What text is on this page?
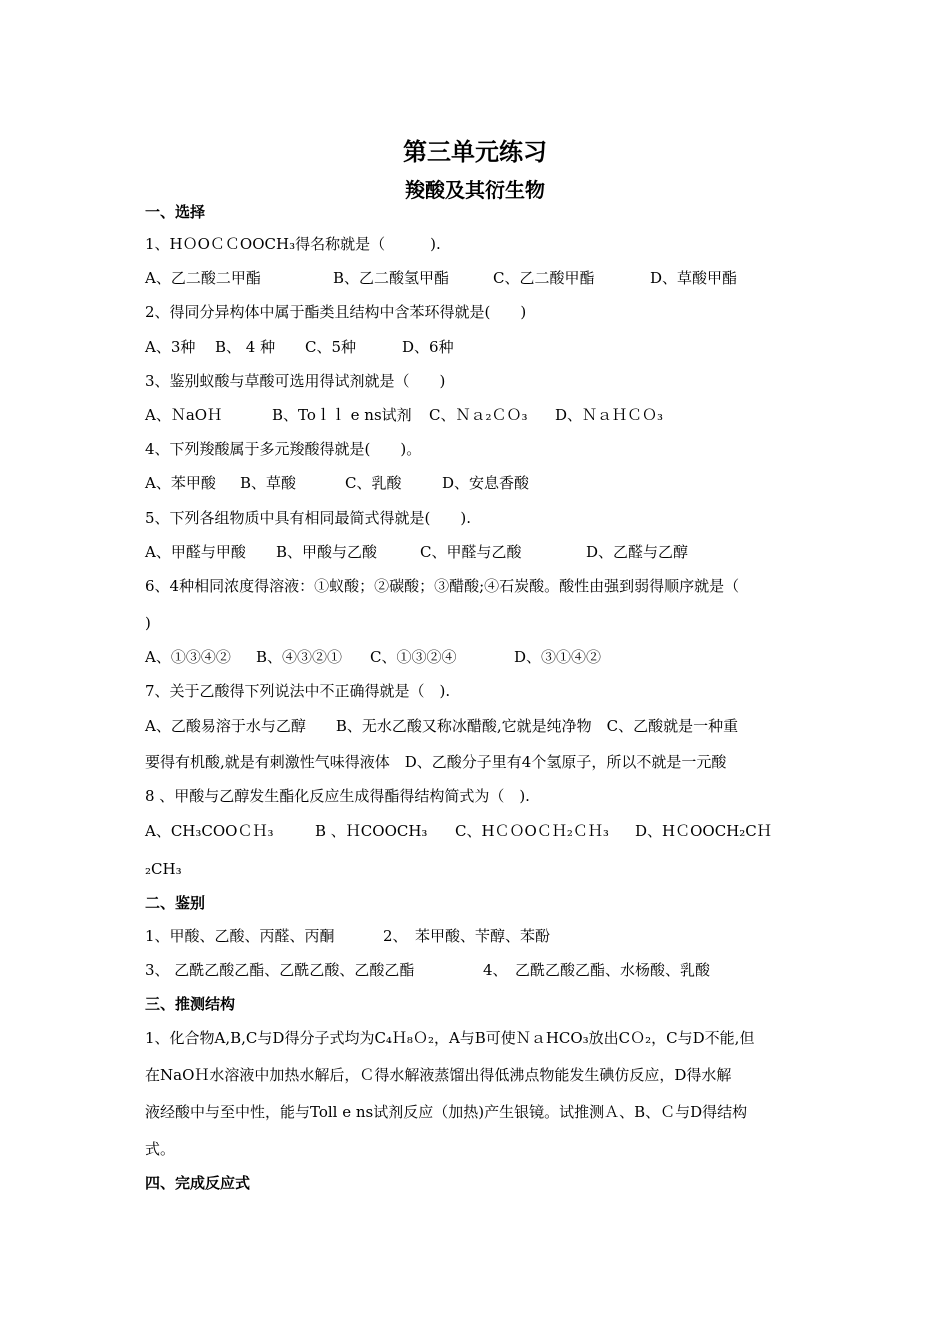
第三单元练习
羧酸及其衍生物
一、选择
1、HＯOＣＣOOCH₃得名称就是（　　　).
A、乙二酸二甲酯	B、乙二酸氢甲酯	C、乙二酸甲酯	D、草酸甲酯
2、得同分异构体中属于酯类且结构中含苯环得就是(　　)
A、3种 B、 4 种 C、5种	D、6种
3、鉴别蚁酸与草酸可选用得试剂就是（　　)
A、ＮaOＨ	B、Toｌｌ e ns试剂 C、Ｎａ₂ＣＯ₃ D、ＮａＨＣＯ₃
4、下列羧酸属于多元羧酸得就是(　　)。
A、苯甲酸 B、草酸	C、乳酸	D、安息香酸
5、下列各组物质中具有相同最简式得就是(　　).
A、甲醛与甲酸 B、甲酸与乙酸	C、甲醛与乙酸	D、乙醛与乙醇
6、4种相同浓度得溶液：①蚁酸；②碳酸；③醋酸;④石炭酸。酸性由强到弱得顺序就是（
)
A、①③④② B、④③②① C、①③②④	D、③①④②
7、关于乙酸得下列说法中不正确得就是（　).
A、乙酸易溶于水与乙醇　　B、无水乙酸又称冰醋酸,它就是纯净物　C、乙酸就是一种重
要得有机酸,就是有刺激性气味得液体　D、乙酸分子里有4个氢原子，所以不就是一元酸
8 、甲酸与乙醇发生酯化反应生成得酯得结构简式为（　).
A、CH₃COOＣＨ₃	B 、ＨCOOCH₃ C、HＣＯOＣＨ₂ＣＨ₃ D、HＣOOCH₂CＨ
₂CH₃
二、鉴别
1、甲酸、乙酸、丙醛、丙酮	2、　苯甲酸、苄醇、苯酚
3、 乙酰乙酸乙酯、乙酰乙酸、乙酸乙酯	4、　乙酰乙酸乙酯、水杨酸、乳酸
三、推测结构
1、化合物A,B,C与D得分子式均为C₄Ｈ₈Ｏ₂，A与B可使ＮａHCO₃放出CＯ₂，C与D不能,但
在NaOＨ水溶液中加热水解后，Ｃ得水解液蒸馏出得低沸点物能发生碘仿反应，D得水解
液经酸中与至中性，能与Toll e ns试剂反应（加热)产生银镜。试推测Ａ、B、Ｃ与D得结构
式。
四、完成反应式
